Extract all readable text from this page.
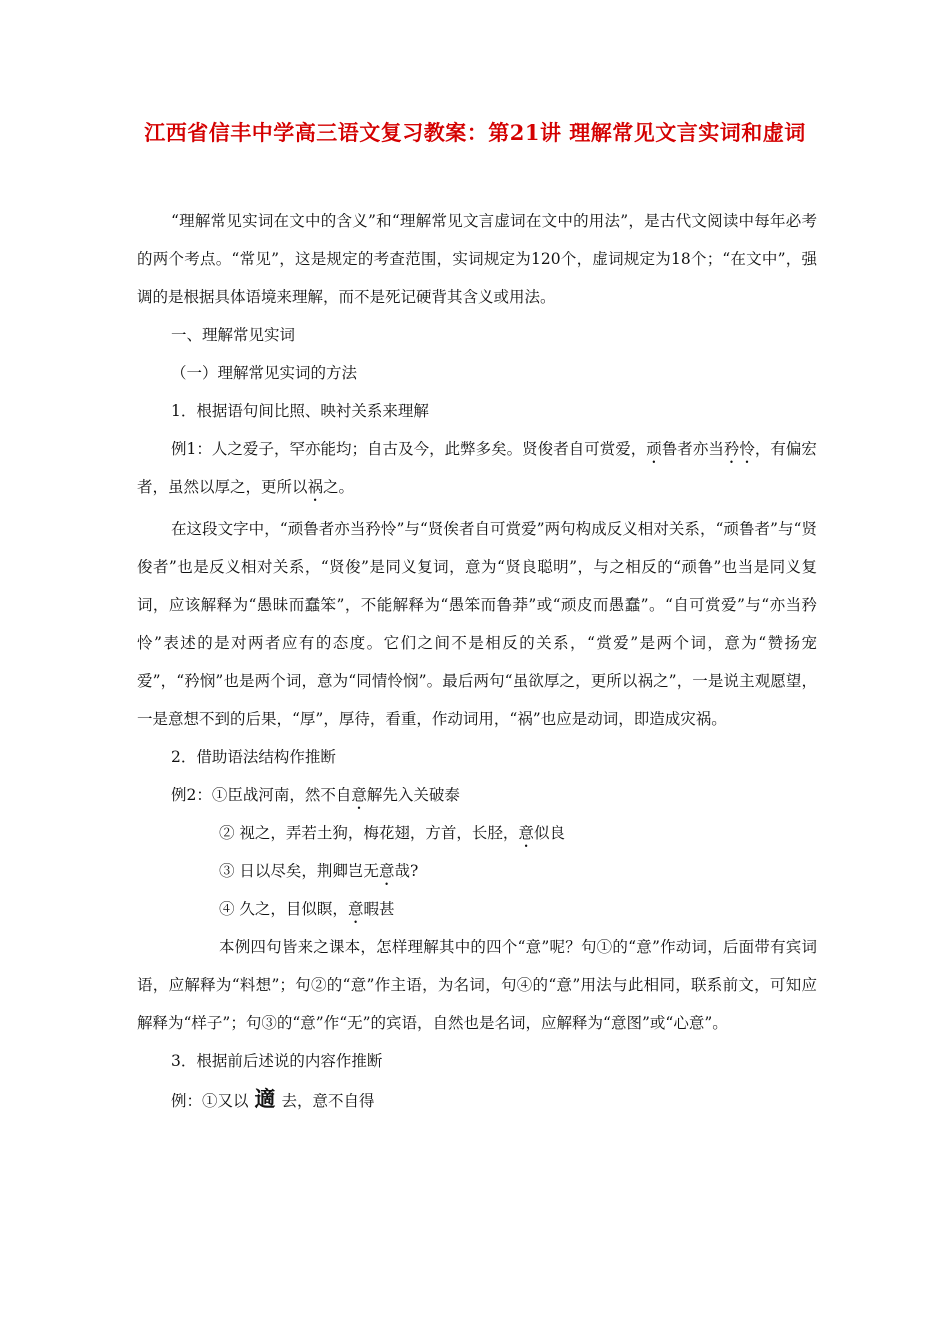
江西省信丰中学高三语文复习教案：第21讲 理解常见文言实词和虚词

“理解常见实词在文中的含义”和“理解常见文言虚词在文中的用法”，是古代文阅读中每年必考的两个考点。“常见”，这是规定的考查范围，实词规定为120个，虚词规定为18个；“在文中”，强调的是根据具体语境来理解，而不是死记硬背其含义或用法。

一、理解常见实词

（一）理解常见实词的方法

1．根据语句间比照、映衬关系来理解

例1：人之爱子，罕亦能均；自古及今，此弊多矣。贤俊者自可赏爱，顽鲁者亦当矜怜，有偏宏者，虽然以厚之，更所以祸之。

在这段文字中，“顽鲁者亦当矜怜”与“贤俟者自可赏爱”两句构成反义相对关系，“顽鲁者”与“贤俊者”也是反义相对关系，“贤俊”是同义复词，意为“贤良聪明”，与之相反的“顽鲁”也当是同义复词，应该解释为“愚昧而蠢笨”，不能解释为“愚笨而鲁莽”或“顽皮而愚蠢”。“自可赏爱”与“亦当矜怜”表述的是对两者应有的态度。它们之间不是相反的关系，“赏爱”是两个词，意为“赞扬宠爱”，“矜悯”也是两个词，意为“同情怜悯”。最后两句“虽欲厚之，更所以祸之”，一是说主观愿望，一是意想不到的后果，“厚”，厚待，看重，作动词用，“祸”也应是动词，即造成灾祸。

2．借助语法结构作推断

例2：①臣战河南，然不自意解先入关破泰

② 视之，弄若土狗，梅花翅，方首，长胫，意似良

③ 日以尽矣，荆卿岂无意哉?

④ 久之，目似瞑，意暇甚

本例四句皆来之课本，怎样理解其中的四个“意”呢？句①的“意”作动词，后面带有宾词语，应解释为“料想”；句②的“意”作主语，为名词，句④的“意”用法与此相同，联系前文，可知应解释为“样子”；句③的“意”作“无”的宾语，自然也是名词，应解释为“意图”或“心意”。

3．根据前后述说的内容作推断

例：①又以 適 去，意不自得
